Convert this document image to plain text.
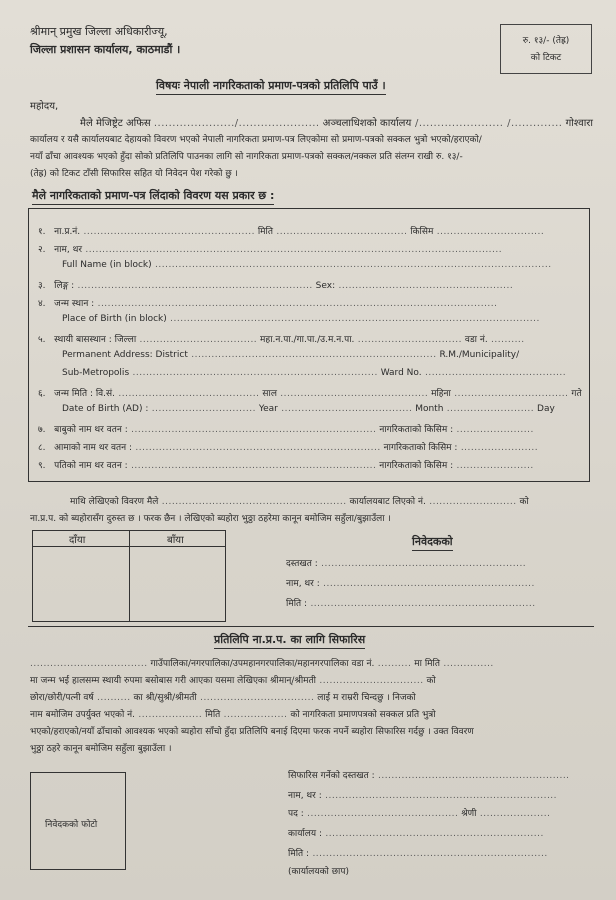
श्रीमान् प्रमुख जिल्ला अधिकारीज्यू,
जिल्ला प्रशासन कार्यालय, काठमाडौं ।
रु. १३/- (तेह्र)
को टिकट
विषयः नेपाली नागरिकताको प्रमाण-पत्रको प्रतिलिपि पाउँ ।
महोदय,
मैले मेजिष्ट्रेट अफिस ....................../...................... अञ्चलाधिशको कार्यालय /....................... /.............. गोश्वारा
कार्यालय र यसै कार्यालयबाट देहायको विवरण भएको नेपाली नागरिकता प्रमाण-पत्र लिएकोमा सो प्रमाण-पत्रको सक्कल भुत्रो भएको/हराएको/
नयाँ ढाँचा आवश्यक भएको हुँदा सोको प्रतिलिपि पाउनका लागि सो नागरिकता प्रमाण-पत्रको सक्कल/नक्कल प्रति संलग्न राखी रु. १३/-
(तेह्र) को टिकट टाँसी सिफारिस सहित यो निवेदन पेश गरेको छु ।
मैले नागरिकताको प्रमाण-पत्र लिंदाको विवरण यस प्रकार छ :
१. ना.प्र.नं. ................................................... मिति ....................................... किसिम ................................
२. नाम, थर ............................................................................................................................
Full Name (in block) ......................................................................................................................
३. लिङ्ग : ...................................................................... Sex: ....................................................
४. जन्म स्थान : .......................................................................................................................
Place of Birth (in block) ..............................................................................................................
५. स्थायी बासस्थान : जिल्ला ................................... महा.न.पा./गा.पा./उ.म.न.पा. ............................... वडा नं. ..........
Permanent Address: District ......................................................................... R.M./Municipality/
Sub-Metropolis ......................................................................... Ward No. ..........................................
६. जन्म मिति : वि.सं. .......................................... साल ............................................ महिना .................................. गते
Date of Birth (AD) : ............................... Year ....................................... Month .......................... Day
७. बाबुको नाम थर वतन : ......................................................................... नागरिकताको किसिम : .......................
८. आमाको नाम थर वतन : ......................................................................... नागरिकताको किसिम : .......................
९. पतिको नाम थर वतन : ......................................................................... नागरिकताको किसिम : .......................
माथि लेखिएको विवरण मैले ....................................................... कार्यालयबाट लिएको नं. .......................... को
ना.प्र.प. को ब्यहोरासँग दुरुस्त छ । फरक छैन । लेखिएको ब्यहोरा भुठ्ठा ठहरेमा कानून बमोजिम सहुँला/बुझाउँला ।
दाँया	बाँया	निवेदकको
दस्तखत : .............................................................
नाम, थर : ...............................................................
मिति : ...................................................................
प्रतिलिपि ना.प्र.प. का लागि सिफारिस
................................... गाउँपालिका/नगरपालिका/उपमहानगरपालिका/महानगरपालिका वडा नं. .......... मा मिति ...............
मा जन्म भई हालसम्म स्थायी रुपमा बसोबास गरी आएका यसमा लेखिएका श्रीमान्/श्रीमती ............................... को
छोरा/छोरी/पत्नी वर्ष .......... का श्री/सुश्री/श्रीमती .................................. लाई म राम्ररी चिन्दछु । निजको
नाम बमोजिम उपर्युक्त भएको नं. ................... मिति ................... को नागरिकता प्रमाणपत्रको सक्कल प्रति भुत्रो
भएको/हराएको/नयाँ ढाँचाको आवश्यक भएको ब्यहोरा साँचो हुँदा प्रतिलिपि बनाई दिएमा फरक नपर्ने ब्यहोरा सिफारिस गर्दछु । उक्त विवरण
भुठ्ठा ठहरे कानून बमोजिम सहुँला बुझाउँला ।
निवेदकको फोटो
सिफारिस गर्नेको दस्तखत : .........................................................
नाम, थर : .....................................................................
पद : ............................................. श्रेणी .....................
कार्यालय : .................................................................
मिति : ......................................................................
(कार्यालयको छाप)
